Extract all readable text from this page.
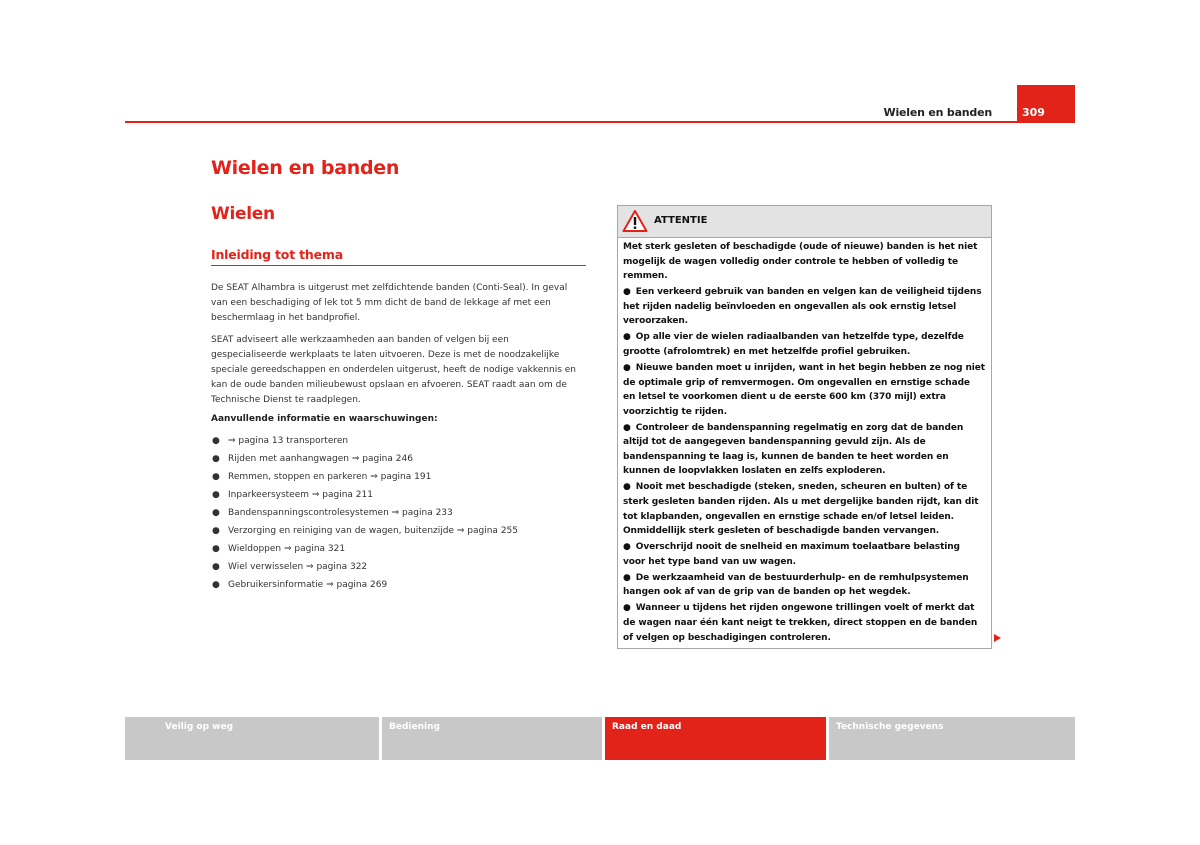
Wielen en banden	309
Wielen en banden
Wielen
Inleiding tot thema

De SEAT Alhambra is uitgerust met zelfdichtende banden (Conti-Seal). In geval van een beschadiging of lek tot 5 mm dicht de band de lekkage af met een beschermlaag in het bandprofiel.

SEAT adviseert alle werkzaamheden aan banden of velgen bij een gespecialiseerde werkplaats te laten uitvoeren. Deze is met de noodzakelijke speciale gereedschappen en onderdelen uitgerust, heeft de nodige vakkennis en kan de oude banden milieubewust opslaan en afvoeren. SEAT raadt aan om de Technische Dienst te raadplegen.

Aanvullende informatie en waarschuwingen:

● ⇒ pagina 13 transporteren
● Rijden met aanhangwagen ⇒ pagina 246
● Remmen, stoppen en parkeren ⇒ pagina 191
● Inparkeersysteem ⇒ pagina 211
● Bandenspanningscontrolesystemen ⇒ pagina 233
● Verzorging en reiniging van de wagen, buitenzijde ⇒ pagina 255
● Wieldoppen ⇒ pagina 321
● Wiel verwisselen ⇒ pagina 322
● Gebruikersinformatie ⇒ pagina 269
ATTENTIE

Met sterk gesleten of beschadigde (oude of nieuwe) banden is het niet mogelijk de wagen volledig onder controle te hebben of volledig te remmen.

● Een verkeerd gebruik van banden en velgen kan de veiligheid tijdens het rijden nadelig beïnvloeden en ongevallen als ook ernstig letsel veroorzaken.

● Op alle vier de wielen radiaalbanden van hetzelfde type, dezelfde grootte (afrolomtrek) en met hetzelfde profiel gebruiken.

● Nieuwe banden moet u inrijden, want in het begin hebben ze nog niet de optimale grip of remvermogen. Om ongevallen en ernstige schade en letsel te voorkomen dient u de eerste 600 km (370 mijl) extra voorzichtig te rijden.

● Controleer de bandenspanning regelmatig en zorg dat de banden altijd tot de aangegeven bandenspanning gevuld zijn. Als de bandenspanning te laag is, kunnen de banden te heet worden en kunnen de loopvlakken loslaten en zelfs exploderen.

● Nooit met beschadigde (steken, sneden, scheuren en bulten) of te sterk gesleten banden rijden. Als u met dergelijke banden rijdt, kan dit tot klapbanden, ongevallen en ernstige schade en/of letsel leiden. Onmiddellijk sterk gesleten of beschadigde banden vervangen.

● Overschrijd nooit de snelheid en maximum toelaatbare belasting voor het type band van uw wagen.

● De werkzaamheid van de bestuurderhulp- en de remhulpsystemen hangen ook af van de grip van de banden op het wegdek.

● Wanneer u tijdens het rijden ongewone trillingen voelt of merkt dat de wagen naar één kant neigt te trekken, direct stoppen en de banden of velgen op beschadigingen controleren.

Veilig op weg	Bediening	Raad en daad	Technische gegevens
